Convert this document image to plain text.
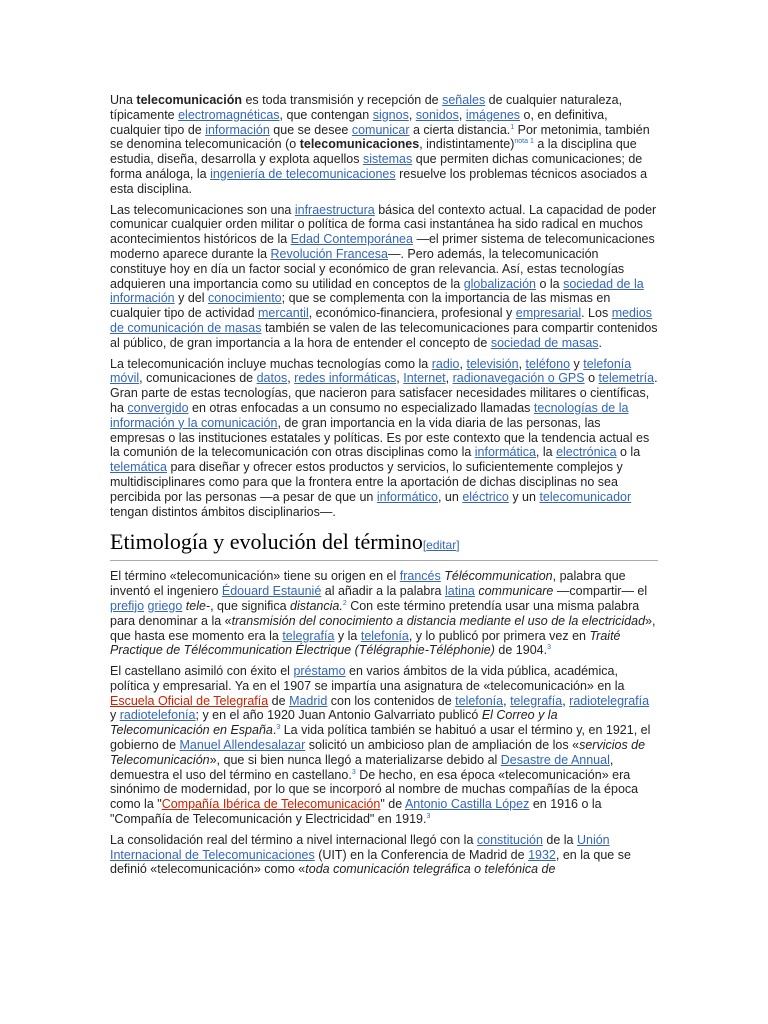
Una telecomunicación es toda transmisión y recepción de señales de cualquier naturaleza, típicamente electromagnéticas, que contengan signos, sonidos, imágenes o, en definitiva, cualquier tipo de información que se desee comunicar a cierta distancia.$^1$ Por metonimia, también se denomina telecomunicación (o telecomunicaciones, indistintamente)$^{nota 1}$ a la disciplina que estudia, diseña, desarrolla y explota aquellos sistemas que permiten dichas comunicaciones; de forma análoga, la ingeniería de telecomunicaciones resuelve los problemas técnicos asociados a esta disciplina.

Las telecomunicaciones son una infraestructura básica del contexto actual. La capacidad de poder comunicar cualquier orden militar o política de forma casi instantánea ha sido radical en muchos acontecimientos históricos de la Edad Contemporánea —el primer sistema de telecomunicaciones moderno aparece durante la Revolución Francesa—. Pero además, la telecomunicación constituye hoy en día un factor social y económico de gran relevancia. Así, estas tecnologías adquieren una importancia como su utilidad en conceptos de la globalización o la sociedad de la información y del conocimiento; que se complementa con la importancia de las mismas en cualquier tipo de actividad mercantil, económico-financiera, profesional y empresarial. Los medios de comunicación de masas también se valen de las telecomunicaciones para compartir contenidos al público, de gran importancia a la hora de entender el concepto de sociedad de masas.

La telecomunicación incluye muchas tecnologías como la radio, televisión, teléfono y telefonía móvil, comunicaciones de datos, redes informáticas, Internet, radionavegación o GPS o telemetría. Gran parte de estas tecnologías, que nacieron para satisfacer necesidades militares o científicas, ha convergido en otras enfocadas a un consumo no especializado llamadas tecnologías de la información y la comunicación, de gran importancia en la vida diaria de las personas, las empresas o las instituciones estatales y políticas. Es por este contexto que la tendencia actual es la comunión de la telecomunicación con otras disciplinas como la informática, la electrónica o la telemática para diseñar y ofrecer estos productos y servicios, lo suficientemente complejos y multidisciplinares como para que la frontera entre la aportación de dichas disciplinas no sea percibida por las personas —a pesar de que un informático, un eléctrico y un telecomunicador tengan distintos ámbitos disciplinarios—.

Etimología y evolución del término[editar]

El término «telecomunicación» tiene su origen en el francés Télécommunication, palabra que inventó el ingeniero Édouard Estaunié al añadir a la palabra latina communicare —compartir— el prefijo griego tele-, que significa distancia.$^2$ Con este término pretendía usar una misma palabra para denominar a la «transmisión del conocimiento a distancia mediante el uso de la electricidad», que hasta ese momento era la telegrafía y la telefonía, y lo publicó por primera vez en Traité Practique de Télécommunication Électrique (Télégraphie-Téléphonie) de 1904.$^3$

El castellano asimiló con éxito el préstamo en varios ámbitos de la vida pública, académica, política y empresarial. Ya en el 1907 se impartía una asignatura de «telecomunicación» en la Escuela Oficial de Telegrafía de Madrid con los contenidos de telefonía, telegrafía, radiotelegrafía y radiotelefonía; y en el año 1920 Juan Antonio Galvarriato publicó El Correo y la Telecomunicación en España.$^3$ La vida política también se habituó a usar el término y, en 1921, el gobierno de Manuel Allendesalazar solicitó un ambicioso plan de ampliación de los «servicios de Telecomunicación», que si bien nunca llegó a materializarse debido al Desastre de Annual, demuestra el uso del término en castellano.$^3$ De hecho, en esa época «telecomunicación» era sinónimo de modernidad, por lo que se incorporó al nombre de muchas compañías de la época como la "Compañía Ibérica de Telecomunicación" de Antonio Castilla López en 1916 o la "Compañía de Telecomunicación y Electricidad" en 1919.$^3$

La consolidación real del término a nivel internacional llegó con la constitución de la Unión Internacional de Telecomunicaciones (UIT) en la Conferencia de Madrid de 1932, en la que se definió «telecomunicación» como «toda comunicación telegráfica o telefónica de
